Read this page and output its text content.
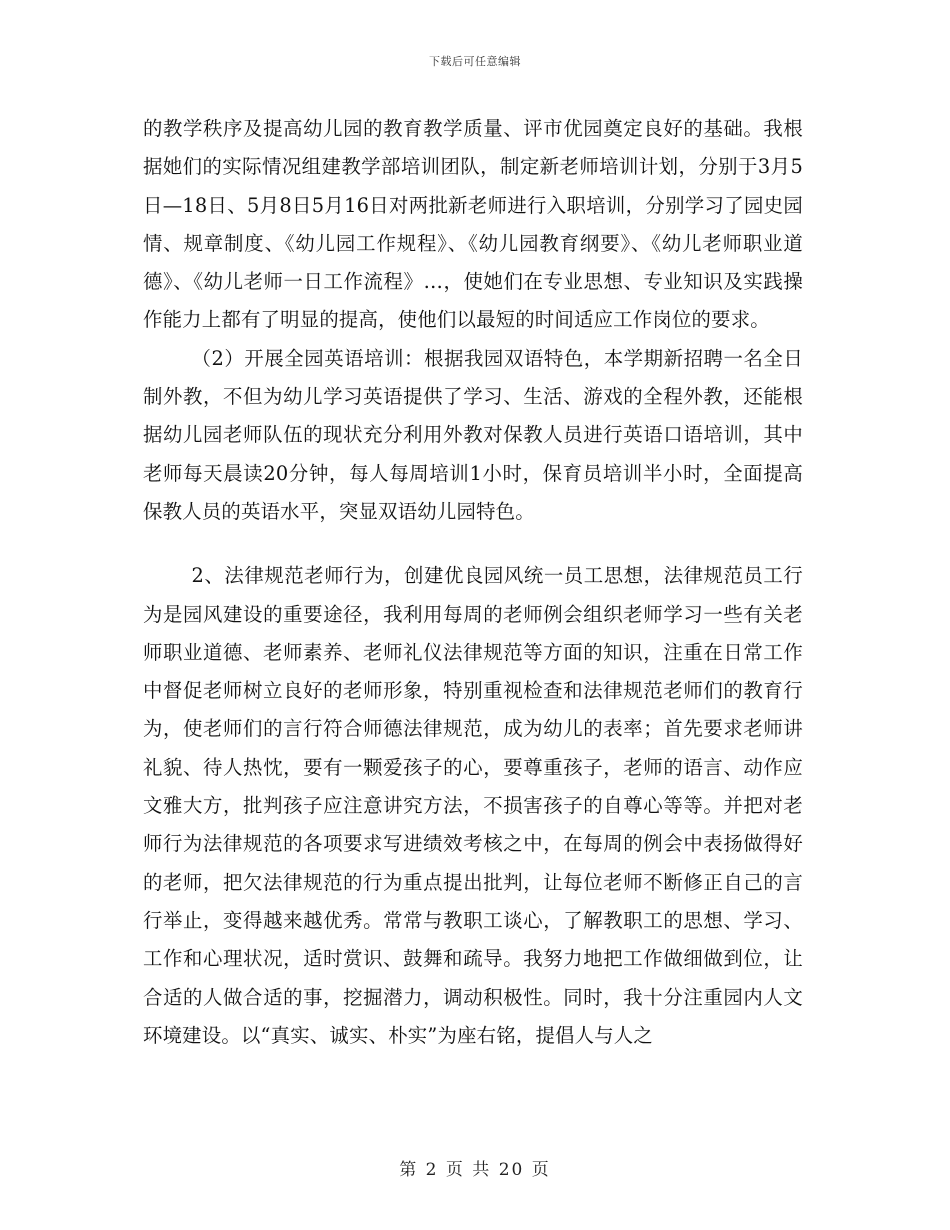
下载后可任意编辑

的教学秩序及提高幼儿园的教育教学质量、评市优园奠定良好的基础。我根据她们的实际情况组建教学部培训团队，制定新老师培训计划，分别于3月5日—18日、5月8日5月16日对两批新老师进行入职培训，分别学习了园史园情、规章制度、《幼儿园工作规程》、《幼儿园教育纲要》、《幼儿老师职业道德》、《幼儿老师一日工作流程》…，使她们在专业思想、专业知识及实践操作能力上都有了明显的提高，使他们以最短的时间适应工作岗位的要求。

（2）开展全园英语培训：根据我园双语特色，本学期新招聘一名全日制外教，不但为幼儿学习英语提供了学习、生活、游戏的全程外教，还能根据幼儿园老师队伍的现状充分利用外教对保教人员进行英语口语培训，其中老师每天晨读20分钟，每人每周培训1小时，保育员培训半小时，全面提高保教人员的英语水平，突显双语幼儿园特色。

2、法律规范老师行为，创建优良园风统一员工思想，法律规范员工行为是园风建设的重要途径，我利用每周的老师例会组织老师学习一些有关老师职业道德、老师素养、老师礼仪法律规范等方面的知识，注重在日常工作中督促老师树立良好的老师形象，特别重视检查和法律规范老师们的教育行为，使老师们的言行符合师德法律规范，成为幼儿的表率；首先要求老师讲礼貌、待人热忱，要有一颗爱孩子的心，要尊重孩子，老师的语言、动作应文雅大方，批判孩子应注意讲究方法，不损害孩子的自尊心等等。并把对老师行为法律规范的各项要求写进绩效考核之中，在每周的例会中表扬做得好的老师，把欠法律规范的行为重点提出批判，让每位老师不断修正自己的言行举止，变得越来越优秀。常常与教职工谈心，了解教职工的思想、学习、工作和心理状况，适时赏识、鼓舞和疏导。我努力地把工作做细做到位，让合适的人做合适的事，挖掘潜力，调动积极性。同时，我十分注重园内人文环境建设。以“真实、诚实、朴实”为座右铭，提倡人与人之

第 2 页 共 20 页
